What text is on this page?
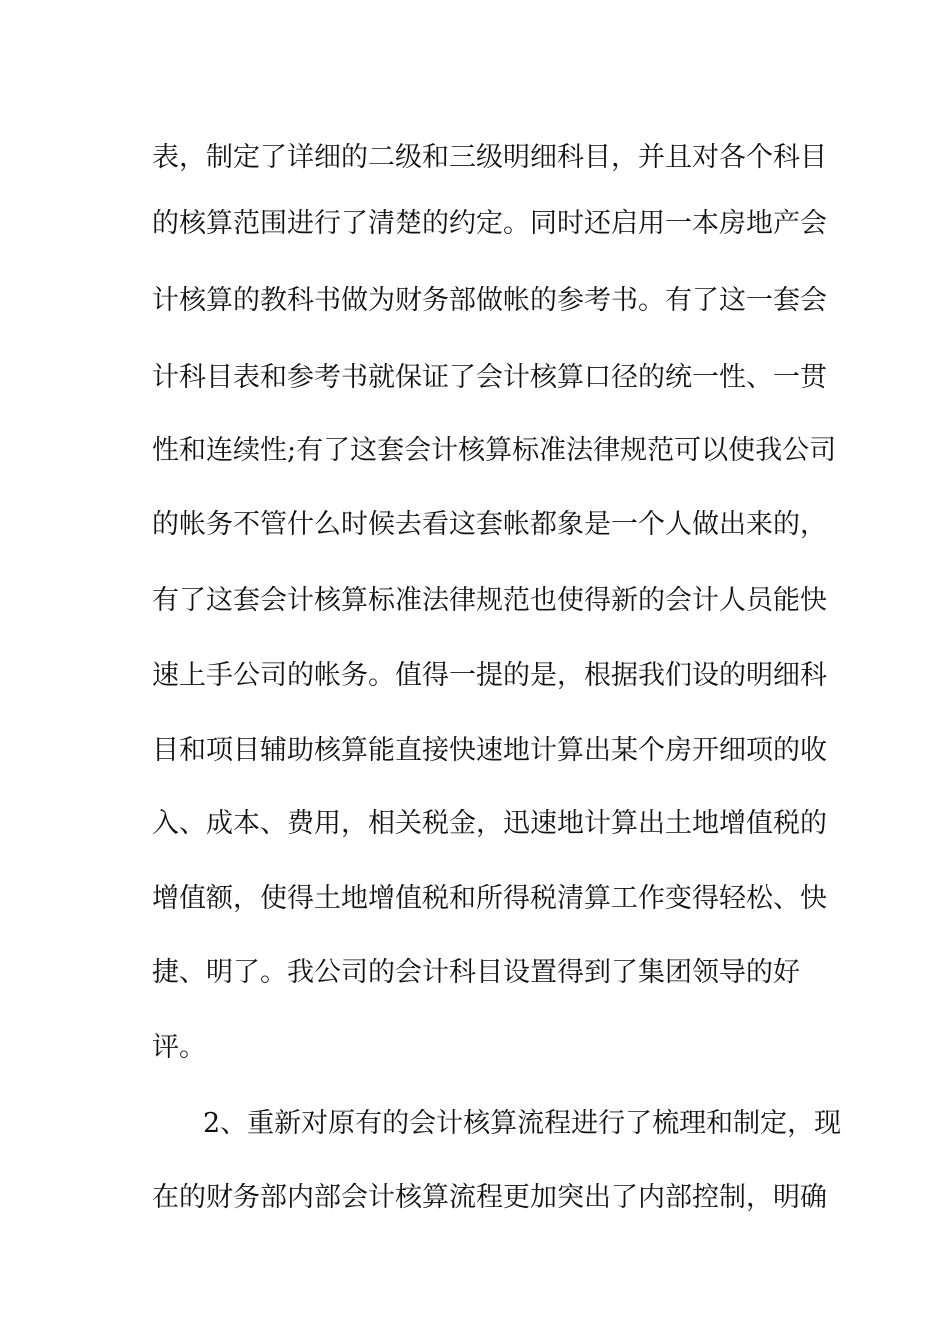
表，制定了详细的二级和三级明细科目，并且对各个科目
的核算范围进行了清楚的约定。同时还启用一本房地产会
计核算的教科书做为财务部做帐的参考书。有了这一套会
计科目表和参考书就保证了会计核算口径的统一性、一贯
性和连续性;有了这套会计核算标准法律规范可以使我公司
的帐务不管什么时候去看这套帐都象是一个人做出来的，
有了这套会计核算标准法律规范也使得新的会计人员能快
速上手公司的帐务。值得一提的是，根据我们设的明细科
目和项目辅助核算能直接快速地计算出某个房开细项的收
入、成本、费用，相关税金，迅速地计算出土地增值税的
增值额，使得土地增值税和所得税清算工作变得轻松、快
捷、明了。我公司的会计科目设置得到了集团领导的好
评。
2、重新对原有的会计核算流程进行了梳理和制定，现
在的财务部内部会计核算流程更加突出了内部控制，明确
